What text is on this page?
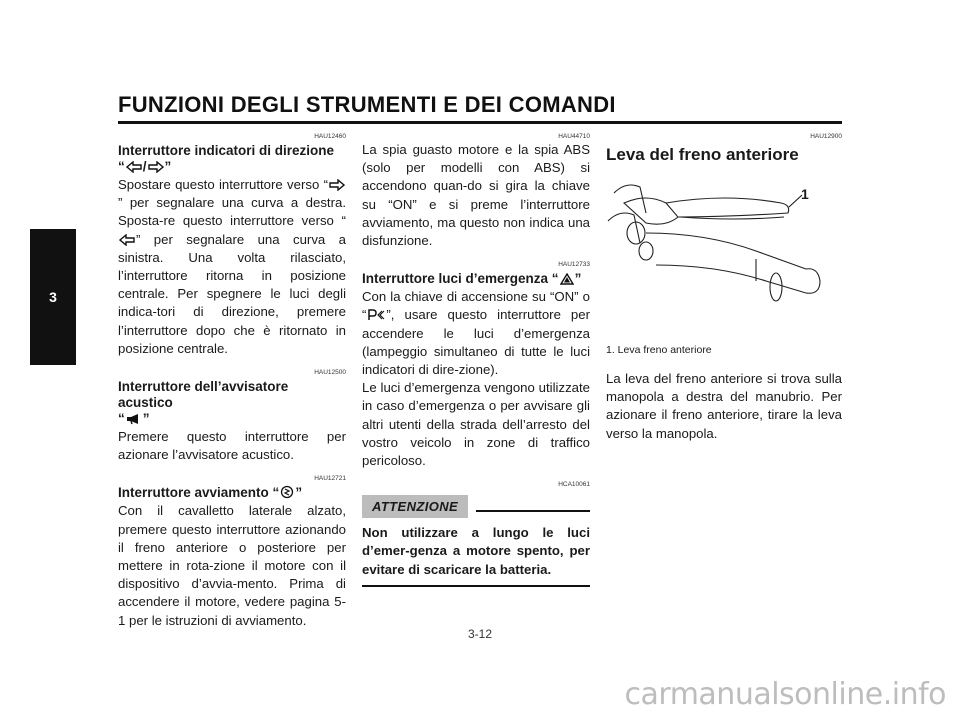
FUNZIONI DEGLI STRUMENTI E DEI COMANDI
3

HAU12460

Interruttore indicatori di direzione
“ / ”

Spostare questo interruttore verso “” per segnalare una curva a destra. Sposta-re questo interruttore verso “” per segnalare una curva a sinistra. Una volta rilasciato, l’interruttore ritorna in posizione centrale. Per spegnere le luci degli indica-tori di direzione, premere l’interruttore dopo che è ritornato in posizione centrale.

HAU12500

Interruttore dell’avvisatore acustico
“ ”

Premere questo interruttore per azionare l’avvisatore acustico.

HAU12721

Interruttore avviamento “ ”

Con il cavalletto laterale alzato, premere questo interruttore azionando il freno anteriore o posteriore per mettere in rota-zione il motore con il dispositivo d’avvia-mento. Prima di accendere il motore, vedere pagina 5-1 per le istruzioni di avviamento.

HAU44710

La spia guasto motore e la spia ABS (solo per modelli con ABS) si accendono quan-do si gira la chiave su “ON” e si preme l’interruttore avviamento, ma questo non indica una disfunzione.

HAU12733

Interruttore luci d’emergenza “ ”

Con la chiave di accensione su “ON” o “ ”, usare questo interruttore per accendere le luci d’emergenza (lampeggio simultaneo di tutte le luci indicatori di dire-zione).

Le luci d’emergenza vengono utilizzate in caso d’emergenza o per avvisare gli altri utenti della strada dell’arresto del vostro veicolo in zone di traffico pericoloso.

HCA10061

ATTENZIONE

Non utilizzare a lungo le luci d’emer-genza a motore spento, per evitare di scaricare la batteria.

HAU12900

Leva del freno anteriore
1

1. Leva freno anteriore

La leva del freno anteriore si trova sulla manopola a destra del manubrio. Per azionare il freno anteriore, tirare la leva verso la manopola.

3-12
carmanualsonline.info
